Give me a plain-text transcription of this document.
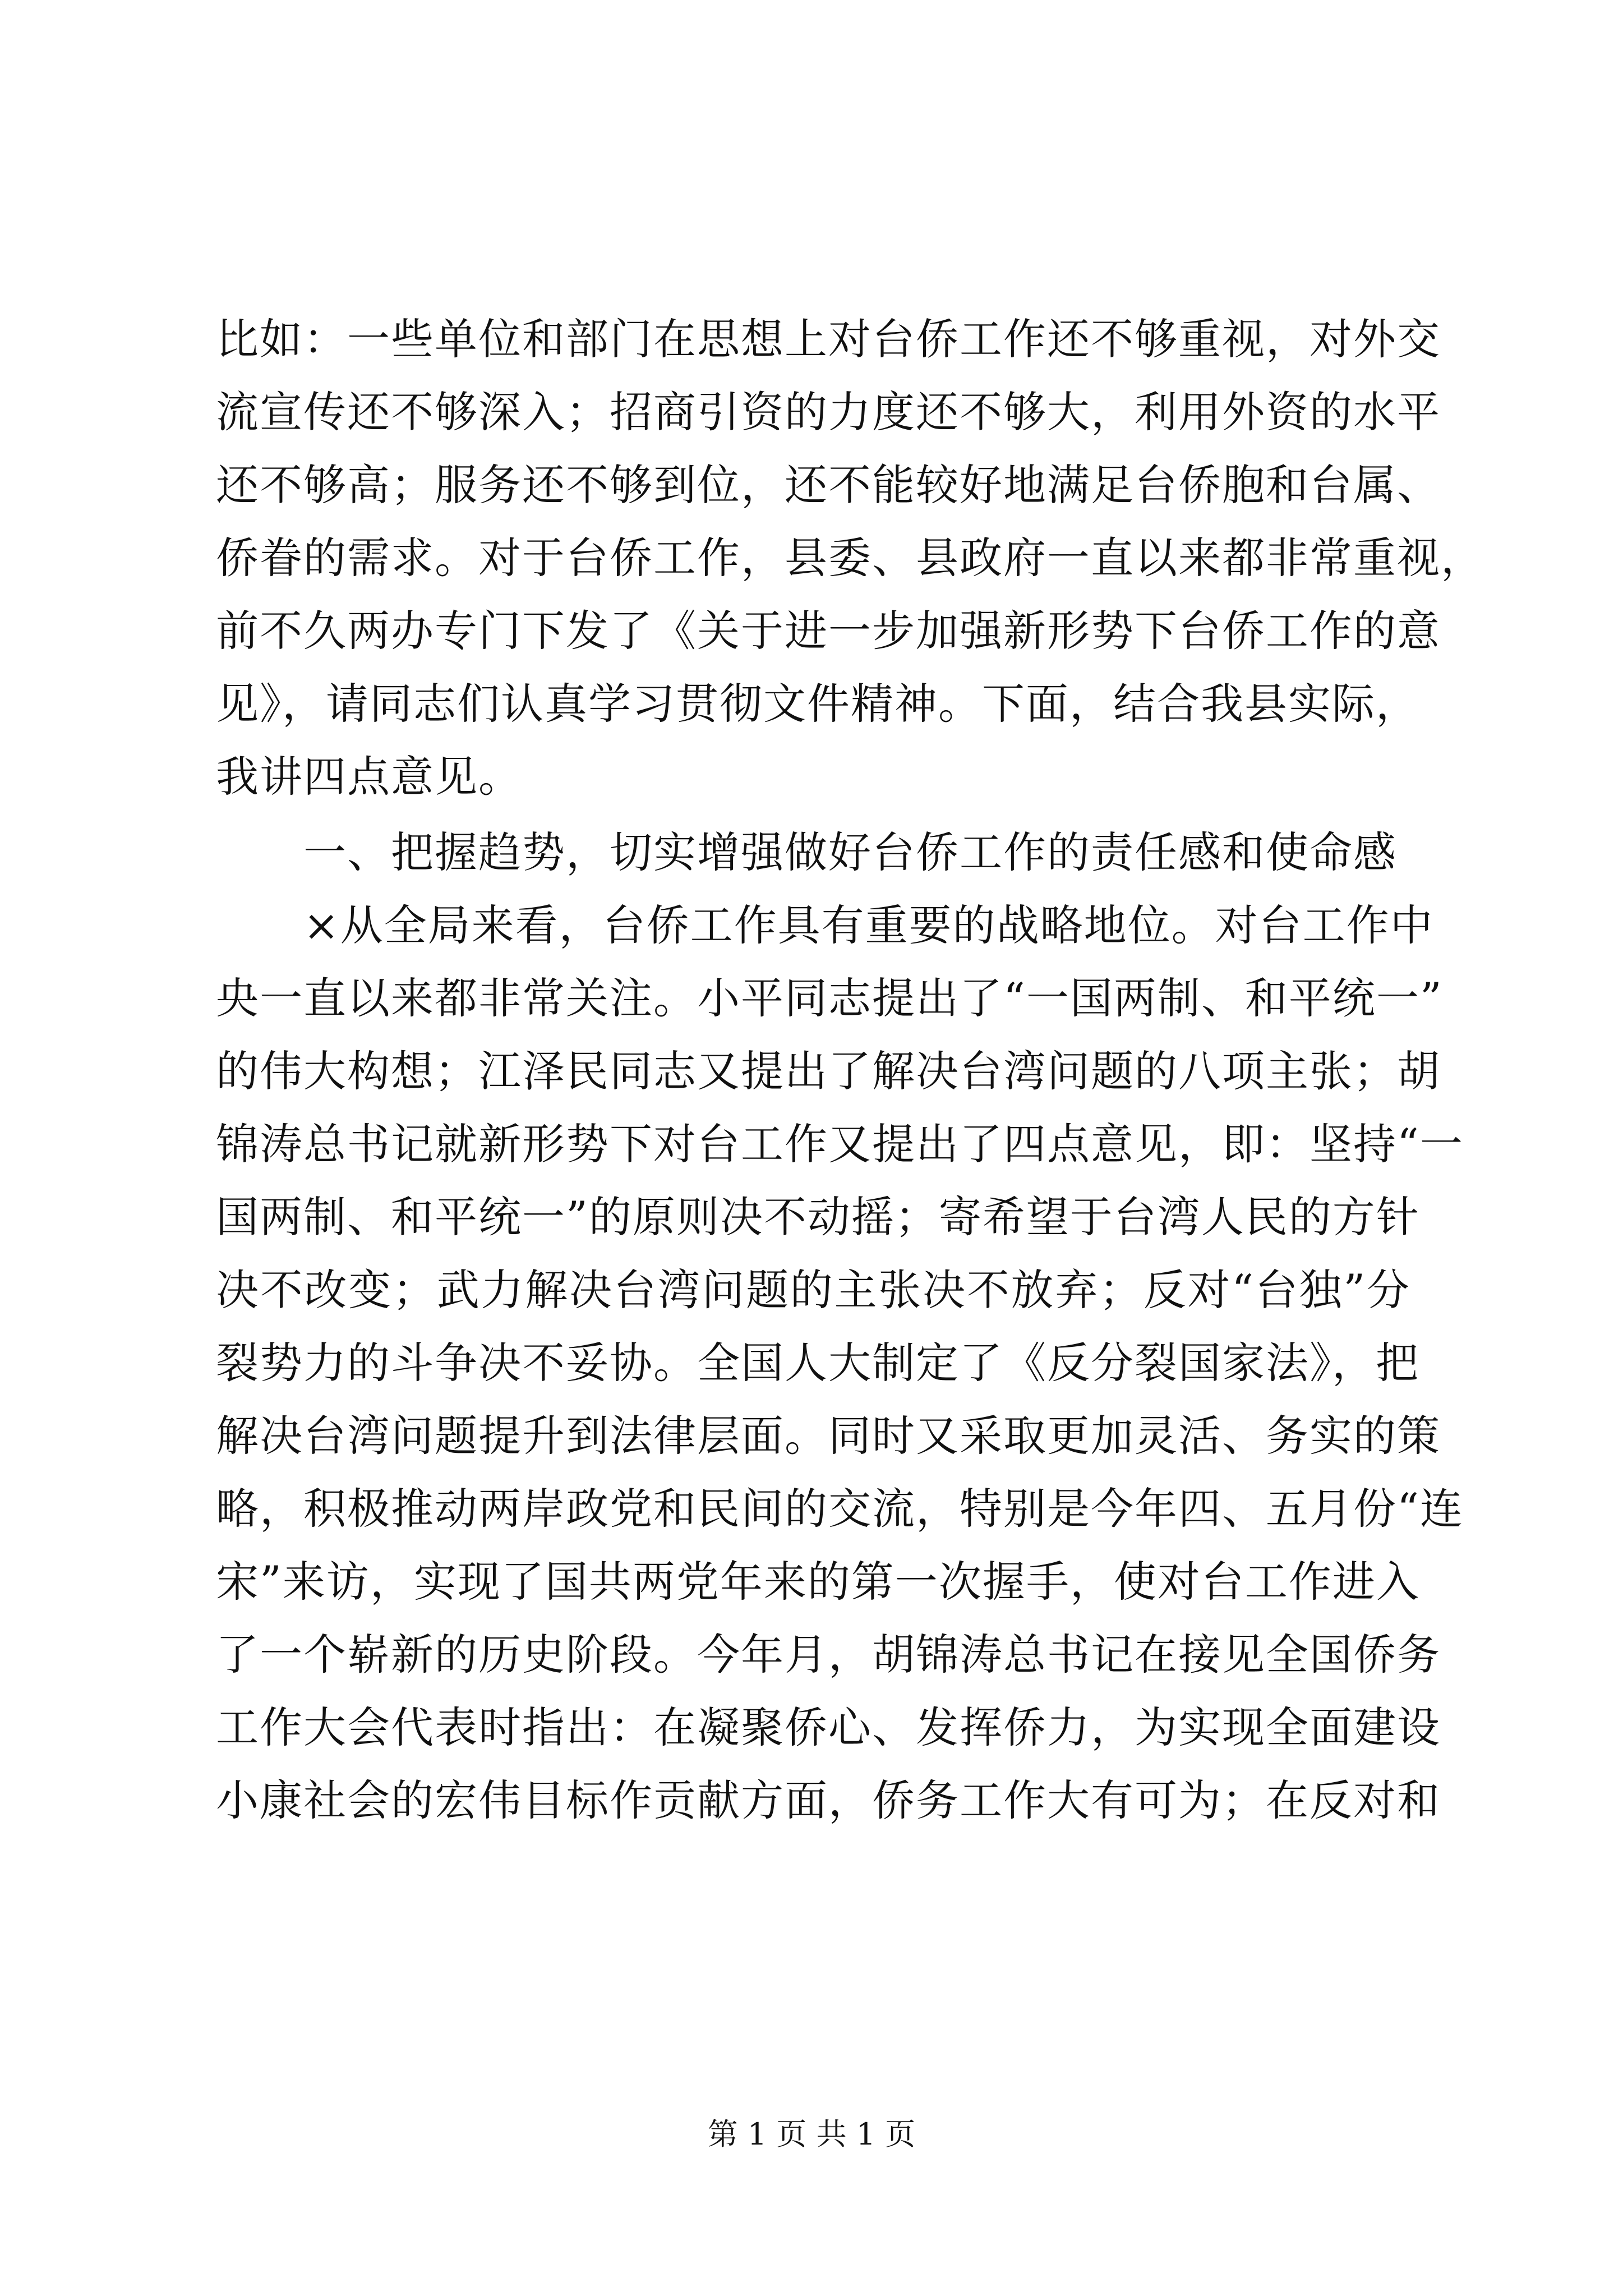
比如：一些单位和部门在思想上对台侨工作还不够重视，对外交
流宣传还不够深入；招商引资的力度还不够大，利用外资的水平
还不够高；服务还不够到位，还不能较好地满足台侨胞和台属、
侨眷的需求。对于台侨工作，县委、县政府一直以来都非常重视，
前不久两办专门下发了《关于进一步加强新形势下台侨工作的意
见》，请同志们认真学习贯彻文件精神。下面，结合我县实际，
我讲四点意见。
　　一、把握趋势，切实增强做好台侨工作的责任感和使命感
　　×从全局来看，台侨工作具有重要的战略地位。对台工作中
央一直以来都非常关注。小平同志提出了“一国两制、和平统一”
的伟大构想；江泽民同志又提出了解决台湾问题的八项主张；胡
锦涛总书记就新形势下对台工作又提出了四点意见，即：坚持“一
国两制、和平统一”的原则决不动摇；寄希望于台湾人民的方针
决不改变；武力解决台湾问题的主张决不放弃；反对“台独”分
裂势力的斗争决不妥协。全国人大制定了《反分裂国家法》，把
解决台湾问题提升到法律层面。同时又采取更加灵活、务实的策
略，积极推动两岸政党和民间的交流，特别是今年四、五月份“连
宋”来访，实现了国共两党年来的第一次握手，使对台工作进入
了一个崭新的历史阶段。今年月，胡锦涛总书记在接见全国侨务
工作大会代表时指出：在凝聚侨心、发挥侨力，为实现全面建设
小康社会的宏伟目标作贡献方面，侨务工作大有可为；在反对和
第 1 页 共 1 页
